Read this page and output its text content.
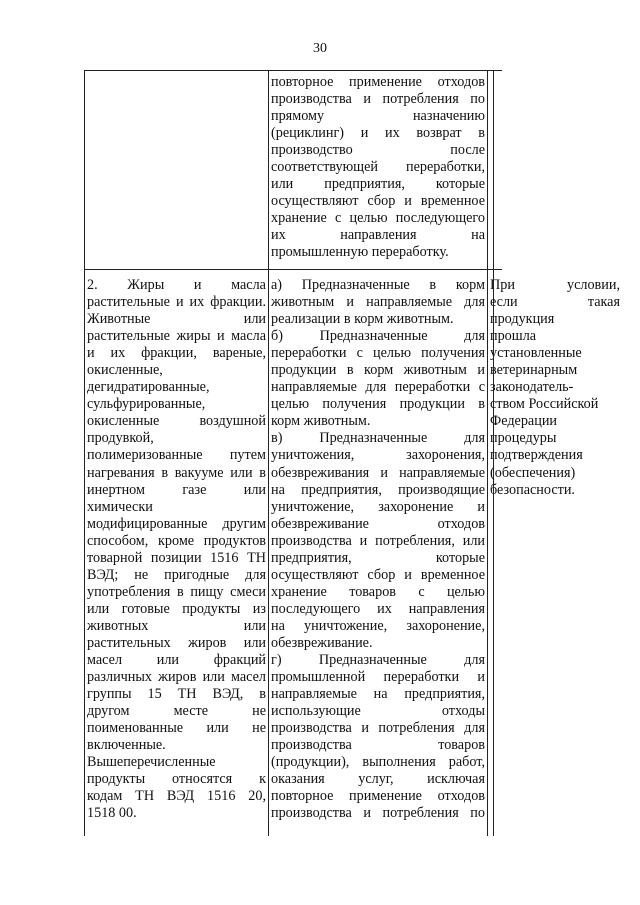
30
повторное применение отходов
производства и потребления по
прямому назначению
(рециклинг) и их возврат в
производство после
соответствующей переработки,
или предприятия, которые
осуществляют сбор и временное
хранение с целью последующего
их направления на
промышленную переработку.
2. Жиры и масла
растительные и их фракции.
Животные или
растительные жиры и масла
и их фракции, вареные,
окисленные,
дегидратированные,
сульфурированные,
окисленные воздушной
продувкой,
полимеризованные путем
нагревания в вакууме или в
инертном газе или
химически
модифицированные другим
способом, кроме продуктов
товарной позиции 1516 ТН
ВЭД; не пригодные для
употребления в пищу смеси
или готовые продукты из
животных или
растительных жиров или
масел или фракций
различных жиров или масел
группы 15 ТН ВЭД, в
другом месте не
поименованные или не
включенные.
Вышеперечисленные
продукты относятся к
кодам ТН ВЭД 1516 20,
1518 00.
а) Предназначенные в корм
животным и направляемые для
реализации в корм животным.
б) Предназначенные для
переработки с целью получения
продукции в корм животным и
направляемые для переработки с
целью получения продукции в
корм животным.
в) Предназначенные для
уничтожения, захоронения,
обезвреживания и направляемые
на предприятия, производящие
уничтожение, захоронение и
обезвреживание отходов
производства и потребления, или
предприятия, которые
осуществляют сбор и временное
хранение товаров с целью
последующего их направления
на уничтожение, захоронение,
обезвреживание.
г) Предназначенные для
промышленной переработки и
направляемые на предприятия,
использующие отходы
производства и потребления для
производства товаров
(продукции), выполнения работ,
оказания услуг, исключая
повторное применение отходов
производства и потребления по
При условии,
если такая
продукция
прошла
установленные
ветеринарным
законодатель-
ством Российской
Федерации
процедуры
подтверждения
(обеспечения)
безопасности.
